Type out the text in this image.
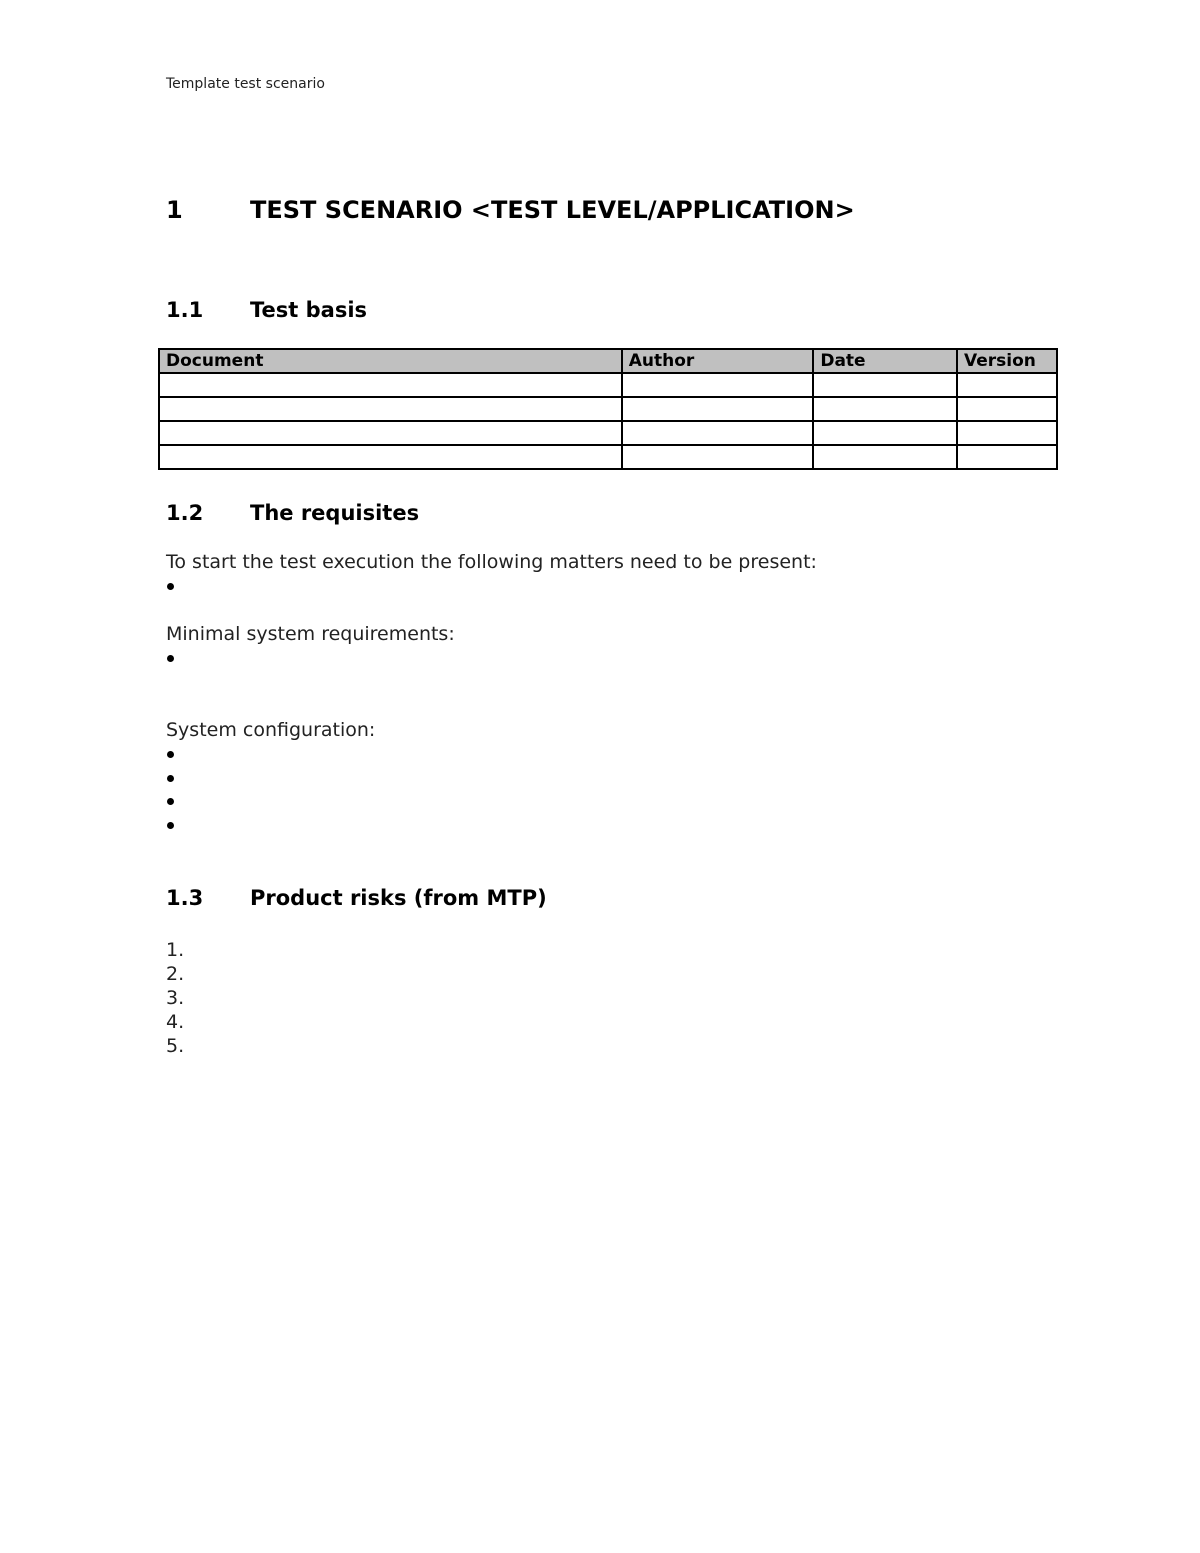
Template test scenario
1	TEST SCENARIO <TEST LEVEL/APPLICATION>
1.1 Test basis
Document	Author	Date	Version

1.2 The requisites
To start the test execution the following matters need to be present:
Minimal system requirements:
System configuration:
1.3 Product risks (from MTP)
1.
2.
3.
4.
5.
